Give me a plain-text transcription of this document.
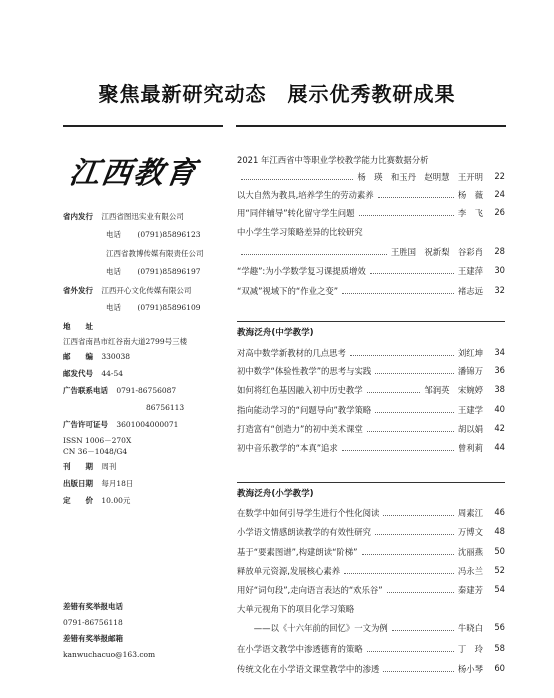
聚焦最新研究动态　展示优秀教研成果
江西教育
省内发行 江西省图迅实业有限公司
电话 (0791)85896123
江西省教博传媒有限责任公司
电话 (0791)85896197
省外发行 江西开心文化传媒有限公司
电话 (0791)85896109
地　　址
江西省南昌市红谷南大道2799号三楼
邮　　编 330038
邮发代号 44-54
广告联系电话 0791-86756087
86756113
广告许可证号 3601004000071
ISSN 1006－270X
CN 36－1048/G4
刊　　期 周刊
出版日期 每月18日
定　　价 10.00元
差错有奖举报电话
0791-86756118
差错有奖举报邮箱
kanwuchacuo@163.com
2021 年江西省中等职业学校教学能力比赛数据分析
杨　瑛　和玉丹　赵明慧　王开明 22
以大自然为教具,培养学生的劳动素养	杨　薇 24
用“同伴辅导”转化留守学生问题	李　飞 26
中小学生学习策略差异的比较研究
王胜国　祝新梨　谷彩肖 28
“学趣”:为小学数学复习课提质增效	王建萍 30
“双减”视域下的“作业之变”	褚志远 32
教海泛舟(中学教学)
对高中数学新教材的几点思考	刘红坤 34
初中数学“体验性教学”的思考与实践	潘锦万 36
如何将红色基因融入初中历史教学	邹润英　宋婉婷 38
指向能动学习的“问题导向”教学策略	王建学 40
打造富有“创造力”的初中美术课堂	胡以娟 42
初中音乐教学的“本真”追求	曾利莉 44
教海泛舟(小学教学)
在数学中如何引导学生进行个性化阅读	周素江 46
小学语文情感朗读教学的有效性研究	万博文 48
基于“要素图谱”,构建朗读“阶梯”	沈丽燕 50
释放单元资源,发展核心素养	冯永兰 52
用好“词句段”,走向语言表达的“欢乐谷”	秦建芳 54
大单元视角下的项目化学习策略
　　——以《十六年前的回忆》一文为例	牛晓白 56
在小学语文教学中渗透德育的策略	丁　玲 58
传统文化在小学语文课堂教学中的渗透	杨小琴 60
